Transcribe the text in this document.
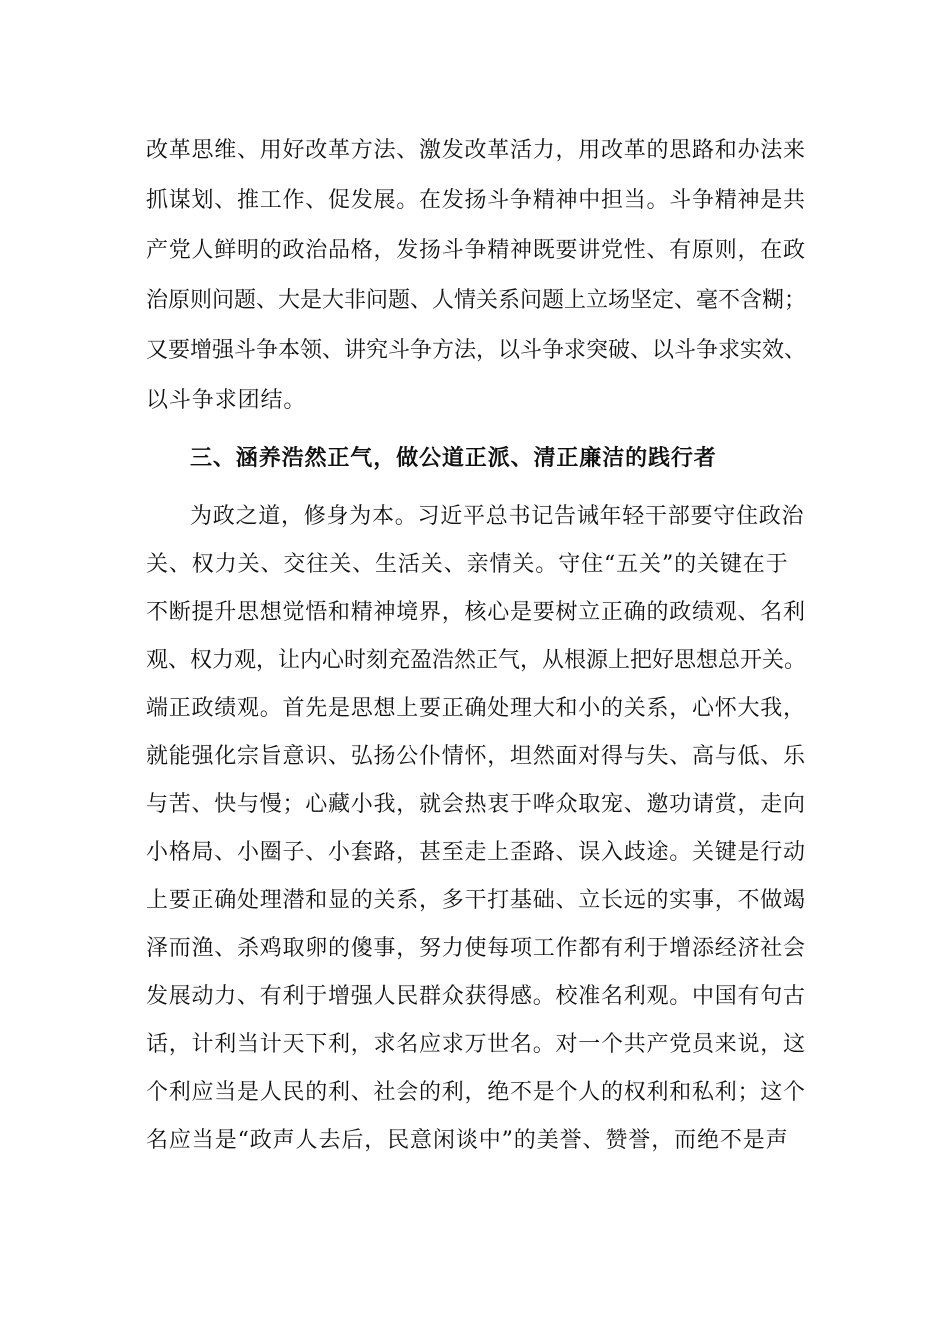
改革思维、用好改革方法、激发改革活力，用改革的思路和办法来
抓谋划、推工作、促发展。在发扬斗争精神中担当。斗争精神是共
产党人鲜明的政治品格，发扬斗争精神既要讲党性、有原则，在政
治原则问题、大是大非问题、人情关系问题上立场坚定、毫不含糊；
又要增强斗争本领、讲究斗争方法，以斗争求突破、以斗争求实效、
以斗争求团结。
三、涵养浩然正气，做公道正派、清正廉洁的践行者
为政之道，修身为本。习近平总书记告诫年轻干部要守住政治
关、权力关、交往关、生活关、亲情关。守住“五关”的关键在于
不断提升思想觉悟和精神境界，核心是要树立正确的政绩观、名利
观、权力观，让内心时刻充盈浩然正气，从根源上把好思想总开关。
端正政绩观。首先是思想上要正确处理大和小的关系，心怀大我，
就能强化宗旨意识、弘扬公仆情怀，坦然面对得与失、高与低、乐
与苦、快与慢；心藏小我，就会热衷于哗众取宠、邀功请赏，走向
小格局、小圈子、小套路，甚至走上歪路、误入歧途。关键是行动
上要正确处理潜和显的关系，多干打基础、立长远的实事，不做竭
泽而渔、杀鸡取卵的傻事，努力使每项工作都有利于增添经济社会
发展动力、有利于增强人民群众获得感。校准名利观。中国有句古
话，计利当计天下利，求名应求万世名。对一个共产党员来说，这
个利应当是人民的利、社会的利，绝不是个人的权利和私利；这个
名应当是“政声人去后，民意闲谈中”的美誉、赞誉，而绝不是声
